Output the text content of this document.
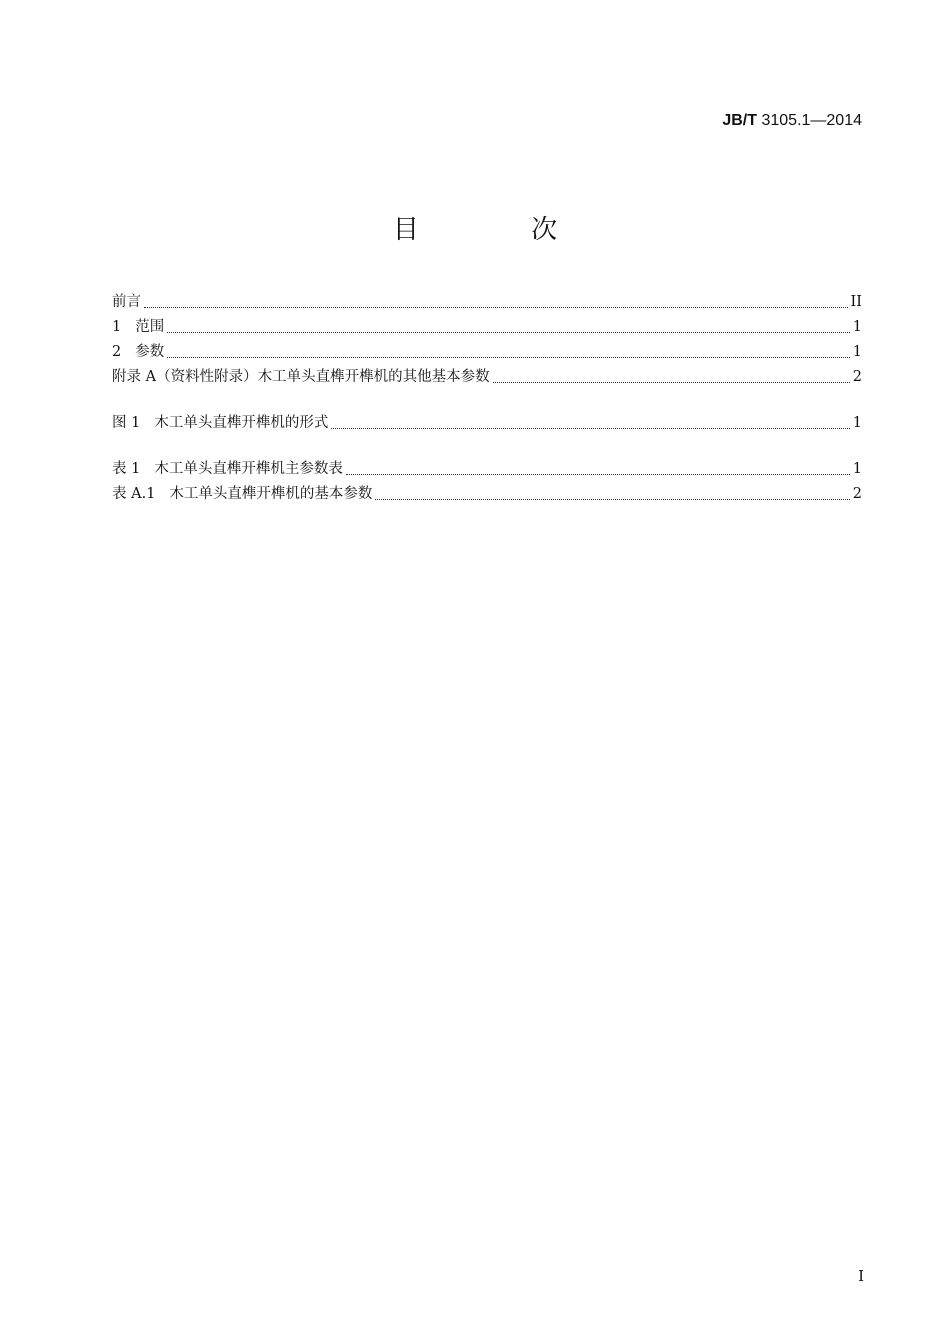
JB/T 3105.1—2014
目 次
前言	II
1 范围	1
2 参数	1
附录 A（资料性附录）木工单头直榫开榫机的其他基本参数	2
图 1 木工单头直榫开榫机的形式	1
表 1 木工单头直榫开榫机主参数表	1
表 A.1 木工单头直榫开榫机的基本参数	2
I
